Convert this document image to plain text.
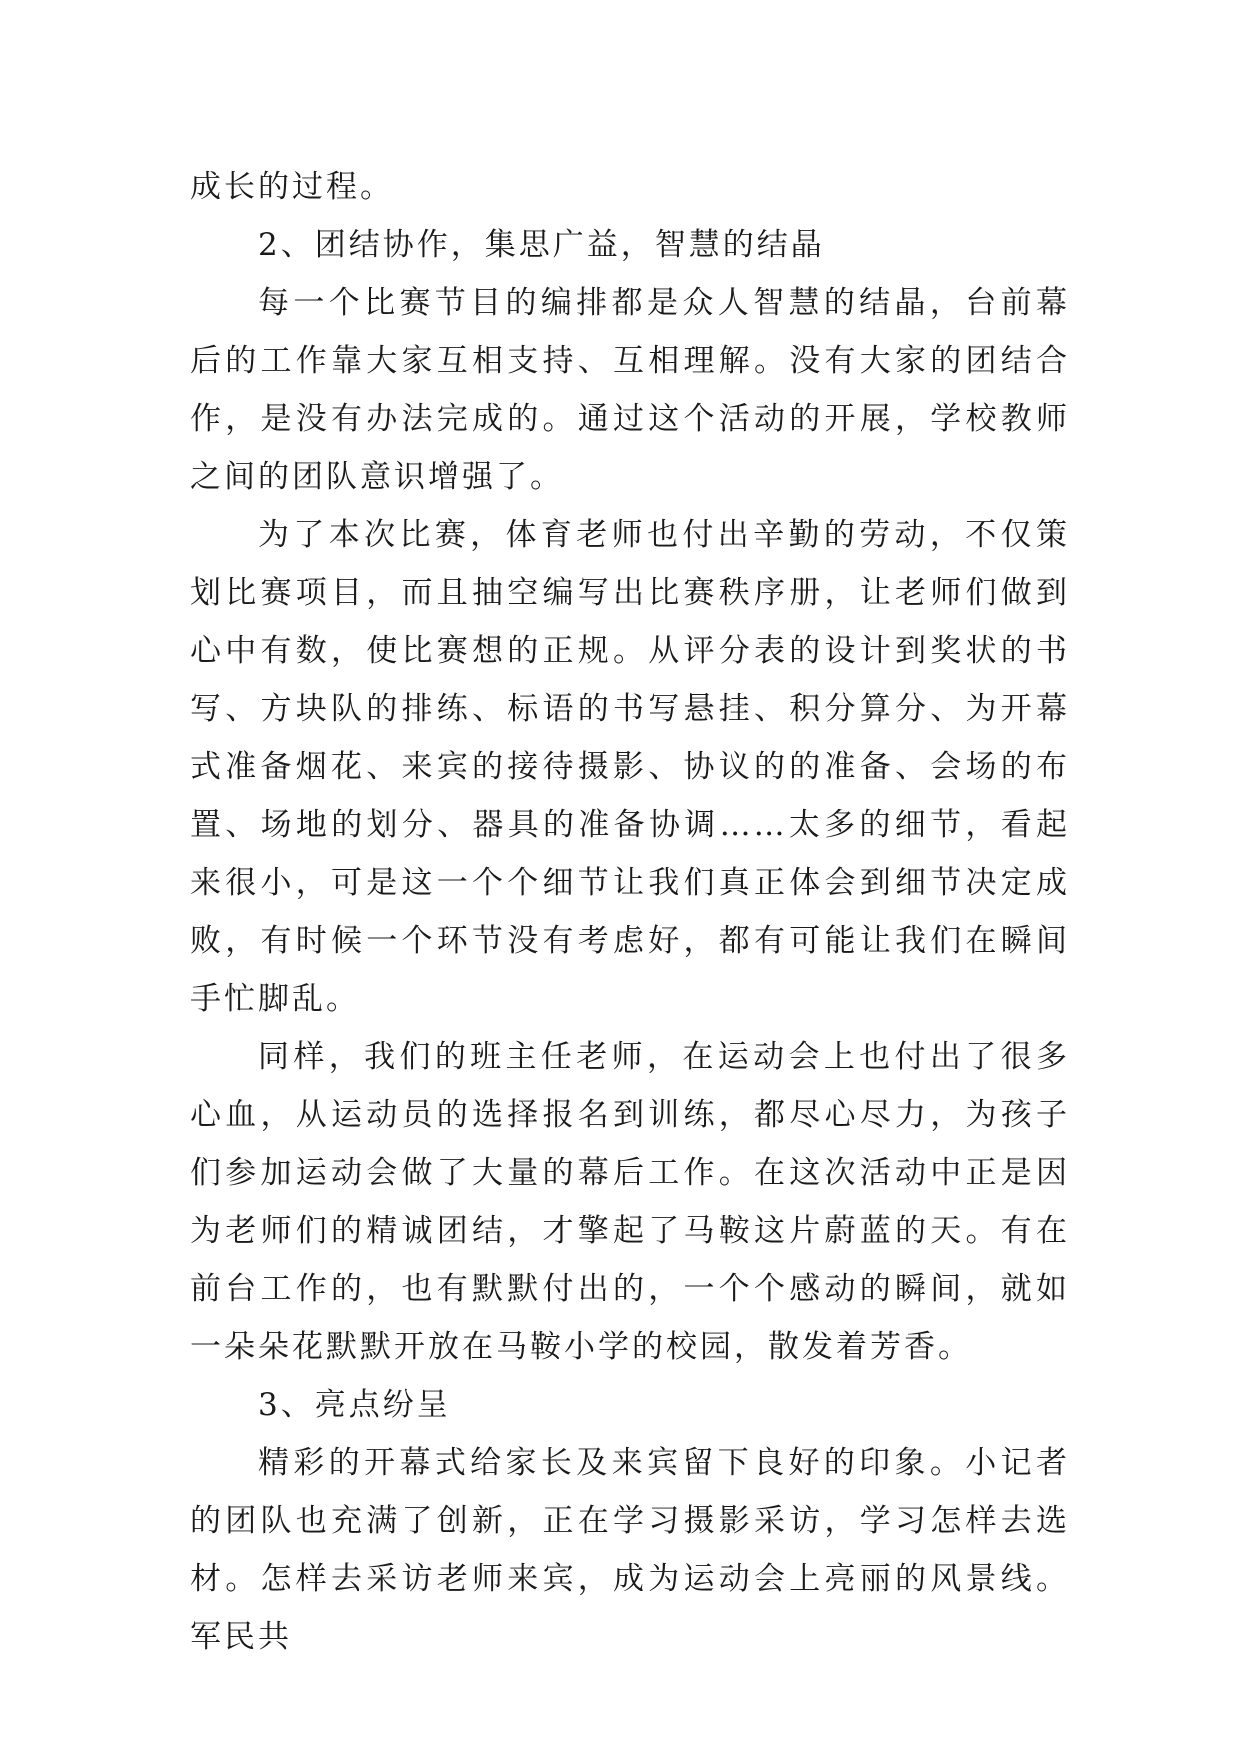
成长的过程。

2、团结协作，集思广益，智慧的结晶

每一个比赛节目的编排都是众人智慧的结晶，台前幕后的工作靠大家互相支持、互相理解。没有大家的团结合作，是没有办法完成的。通过这个活动的开展，学校教师之间的团队意识增强了。

为了本次比赛，体育老师也付出辛勤的劳动，不仅策划比赛项目，而且抽空编写出比赛秩序册，让老师们做到心中有数，使比赛想的正规。从评分表的设计到奖状的书写、方块队的排练、标语的书写悬挂、积分算分、为开幕式准备烟花、来宾的接待摄影、协议的的准备、会场的布置、场地的划分、器具的准备协调……太多的细节，看起来很小，可是这一个个细节让我们真正体会到细节决定成败，有时候一个环节没有考虑好，都有可能让我们在瞬间手忙脚乱。

同样，我们的班主任老师，在运动会上也付出了很多心血，从运动员的选择报名到训练，都尽心尽力，为孩子们参加运动会做了大量的幕后工作。在这次活动中正是因为老师们的精诚团结，才擎起了马鞍这片蔚蓝的天。有在前台工作的，也有默默付出的，一个个感动的瞬间，就如一朵朵花默默开放在马鞍小学的校园，散发着芳香。

3、亮点纷呈

精彩的开幕式给家长及来宾留下良好的印象。小记者的团队也充满了创新，正在学习摄影采访，学习怎样去选材。怎样去采访老师来宾，成为运动会上亮丽的风景线。军民共
